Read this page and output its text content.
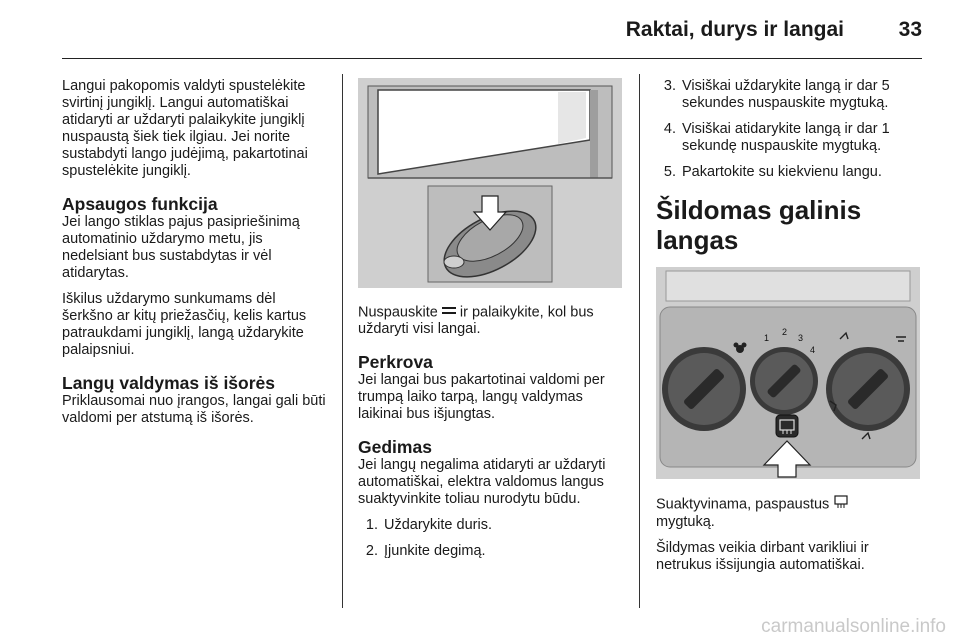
Raktai, durys ir langai	33

Langui pakopomis valdyti spustelėkite svirtinį jungiklį. Langui automatiškai atidaryti ar uždaryti palaikykite jungiklį nuspaustą šiek tiek ilgiau. Jei norite sustabdyti lango judėjimą, pakartotinai spustelėkite jungiklį.

Apsaugos funkcija

Jei lango stiklas pajus pasipriešinimą automatinio uždarymo metu, jis nedelsiant bus sustabdytas ir vėl atidarytas.

Iškilus uždarymo sunkumams dėl šerkšno ar kitų priežasčių, kelis kartus patraukdami jungiklį, langą uždarykite palaipsniui.

Langų valdymas iš išorės

Priklausomai nuo įrangos, langai gali būti valdomi per atstumą iš išorės.

Nuspauskite ir palaikykite, kol bus uždaryti visi langai.

Perkrova

Jei langai bus pakartotinai valdomi per trumpą laiko tarpą, langų valdymas laikinai bus išjungtas.

Gedimas

Jei langų negalima atidaryti ar uždaryti automatiškai, elektra valdomus langus suaktyvinkite toliau nurodytu būdu.

1. Uždarykite duris.
2. Įjunkite degimą.
3. Visiškai uždarykite langą ir dar 5 sekundes nuspauskite mygtuką.
4. Visiškai atidarykite langą ir dar 1 sekundę nuspauskite mygtuką.
5. Pakartokite su kiekvienu langu.
Šildomas galinis langas
1
2
3
4

Suaktyvinama, paspaustus
mygtuką.

Šildymas veikia dirbant varikliui ir netrukus išsijungia automatiškai.

carmanualsonline.info
